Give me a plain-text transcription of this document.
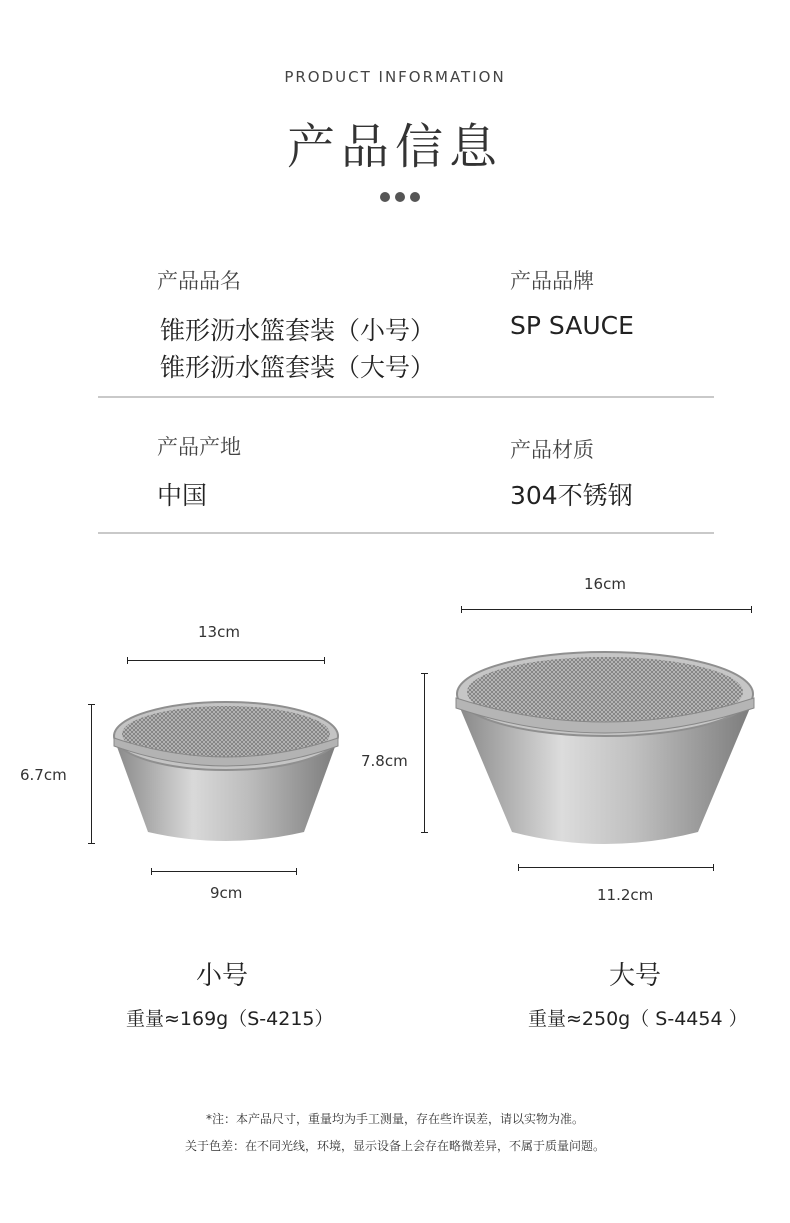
PRODUCT INFORMATION
产品信息
产品品名
锥形沥水篮套装（小号）
锥形沥水篮套装（大号）
产品品牌
SP SAUCE
产品产地
中国
产品材质
304不锈钢
13cm
6.7cm
9cm
16cm
7.8cm
11.2cm
小号
重量≈169g（S-4215）
大号
重量≈250g（ S-4454 ）
*注：本产品尺寸，重量均为手工测量，存在些许误差，请以实物为准。
关于色差：在不同光线，环境，显示设备上会存在略微差异，不属于质量问题。
